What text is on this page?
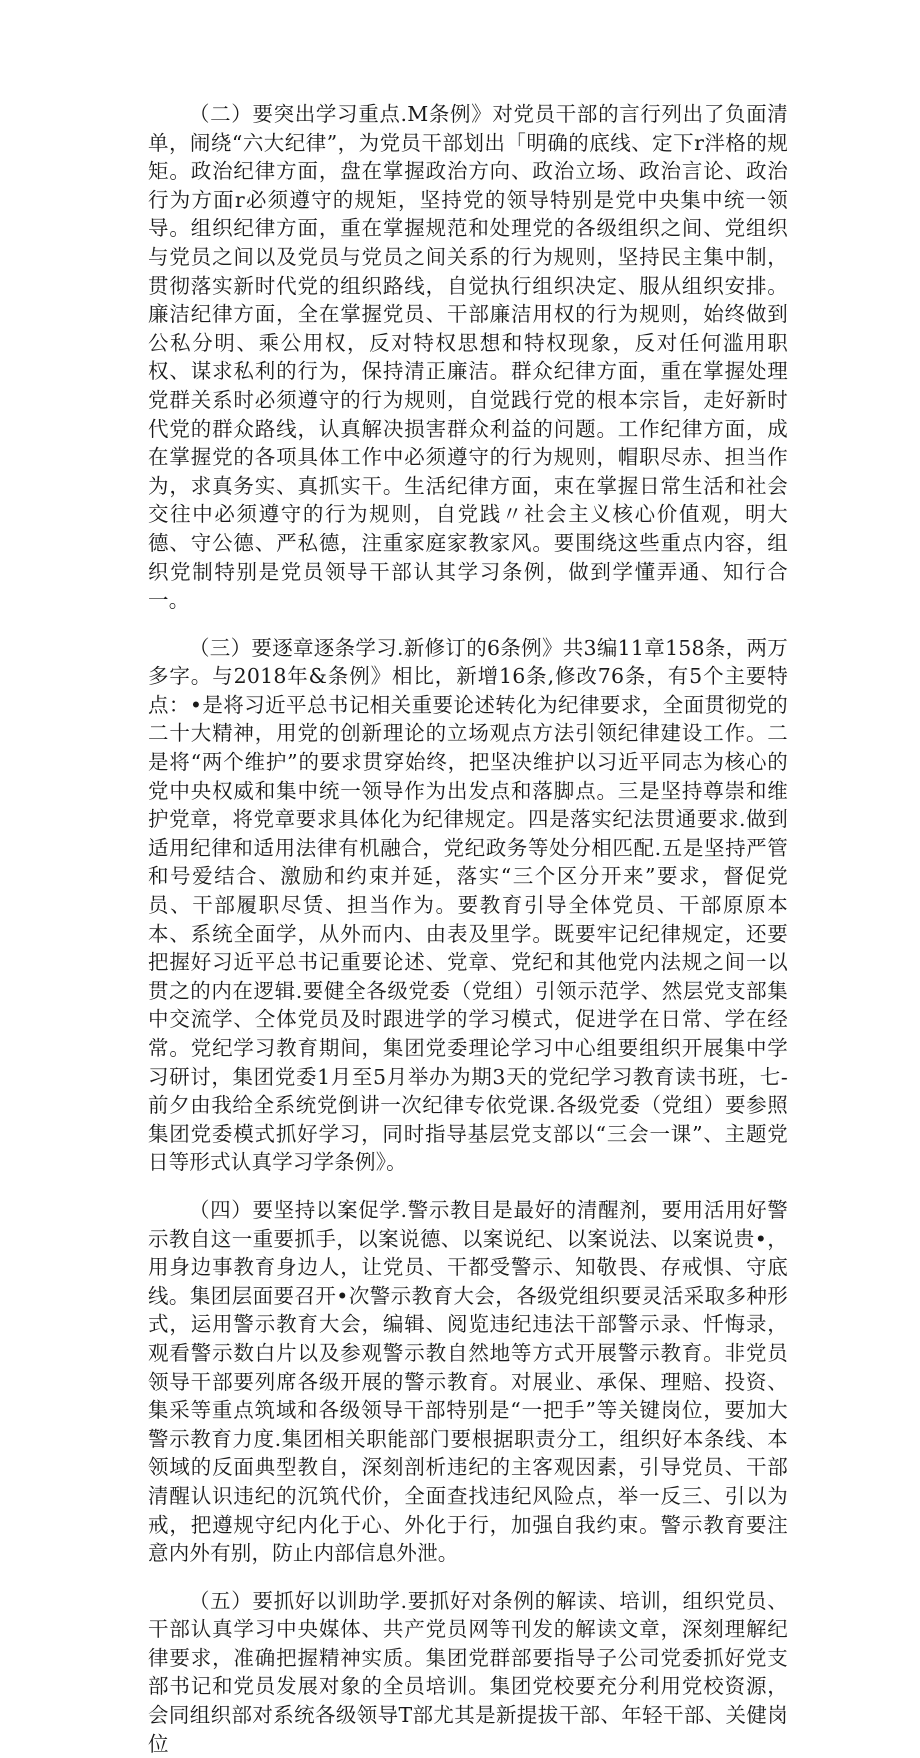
（二）要突出学习重点.M条例》对党员干部的言行列出了负面清单，闹绕“六大纪律”，为党员干部划出「明确的底线、定下r泮格的规矩。政治纪律方面，盘在掌握政治方向、政治立场、政治言论、政治行为方面r必须遵守的规矩，坚持党的领导特别是党中央集中统一领导。组织纪律方面，重在掌握规范和处理党的各级组织之间、党组织与党员之间以及党员与党员之间关系的行为规则，坚持民主集中制，贯彻落实新时代党的组织路线，自觉执行组织决定、服从组织安排。廉洁纪律方面，全在掌握党员、干部廉洁用权的行为规则，始终做到公私分明、乘公用权，反对特权思想和特权现象，反对任何滥用职权、谋求私利的行为，保持清正廉洁。群众纪律方面，重在掌握处理党群关系时必须遵守的行为规则，自觉践行党的根本宗旨，走好新时代党的群众路线，认真解决损害群众利益的问题。工作纪律方面，成在掌握党的各项具体工作中必须遵守的行为规则，帽职尽赤、担当作为，求真务实、真抓实干。生活纪律方面，束在掌握日常生活和社会交往中必须遵守的行为规则，自党践〃社会主义核心价值观，明大德、守公德、严私德，注重家庭家教家风。要围绕这些重点内容，组织党制特别是党员领导干部认其学习条例，做到学懂弄通、知行合一。

（三）要逐章逐条学习.新修订的6条例》共3编11章158条，两万多字。与2018年&条例》相比，新增16条,修改76条，有5个主要特点：•是将习近平总书记相关重要论述转化为纪律要求，全面贯彻党的二十大精神，用党的创新理论的立场观点方法引领纪律建设工作。二是将“两个维护”的要求贯穿始终，把坚决维护以习近平同志为核心的党中央权威和集中统一领导作为出发点和落脚点。三是坚持尊崇和维护党章，将党章要求具体化为纪律规定。四是落实纪法贯通要求.做到适用纪律和适用法律有机融合，党纪政务等处分相匹配.五是坚持严管和号爱结合、激励和约束并延，落实“三个区分开来”要求，督促党员、干部履职尽赁、担当作为。要教育引导全体党员、干部原原本本、系统全面学，从外而内、由表及里学。既要牢记纪律规定，还要把握好习近平总书记重要论述、党章、党纪和其他党内法规之间一以贯之的内在逻辑.要健全各级党委（党组）引领示范学、然层党支部集中交流学、仝体党员及时跟进学的学习模式，促进学在日常、学在经常。党纪学习教育期间，集团党委理论学习中心组要组织开展集中学习研讨，集团党委1月至5月举办为期3天的党纪学习教育读书班，七-前夕由我给全系统党倒讲一次纪律专依党课.各级党委（党组）要参照集团党委模式抓好学习，同时指导基层党支部以“三会一课”、主题党日等形式认真学习学条例》。

（四）要坚持以案促学.警示教目是最好的清醒剂，要用活用好警示教自这一重要抓手，以案说德、以案说纪、以案说法、以案说贵•，用身边事教育身边人，让党员、干都受警示、知敬畏、存戒惧、守底线。集团层面要召开•次警示教育大会，各级党组织要灵活采取多种形式，运用警示教育大会，编辑、阅览违纪违法干部警示录、忏悔录，观看警示数白片以及参观警示教自然地等方式开展警示教育。非党员领导干部要列席各级开展的警示教育。对展业、承保、理赔、投资、集采等重点筑域和各级领导干部特别是“一把手”等关键岗位，要加大警示教育力度.集团相关职能部门要根据职责分工，组织好本条线、本领域的反面典型教自，深刻剖析违纪的主客观因素，引导党员、干部清醒认识违纪的沉筑代价，全面查找违纪风险点，举一反三、引以为戒，把遵规守纪内化于心、外化于行，加强自我约束。警示教育要注意内外有别，防止内部信息外泄。

（五）要抓好以训助学.要抓好对条例的解读、培训，组织党员、干部认真学习中央媒体、共产党员网等刊发的解读文章，深刻理解纪律要求，准确把握精神实质。集团党群部要指导子公司党委抓好党支部书记和党员发展对象的全员培训。集团党校要充分利用党校资源，会同组织部对系统各级领导T部尤其是新提拔干部、年轻干部、关健岗位
